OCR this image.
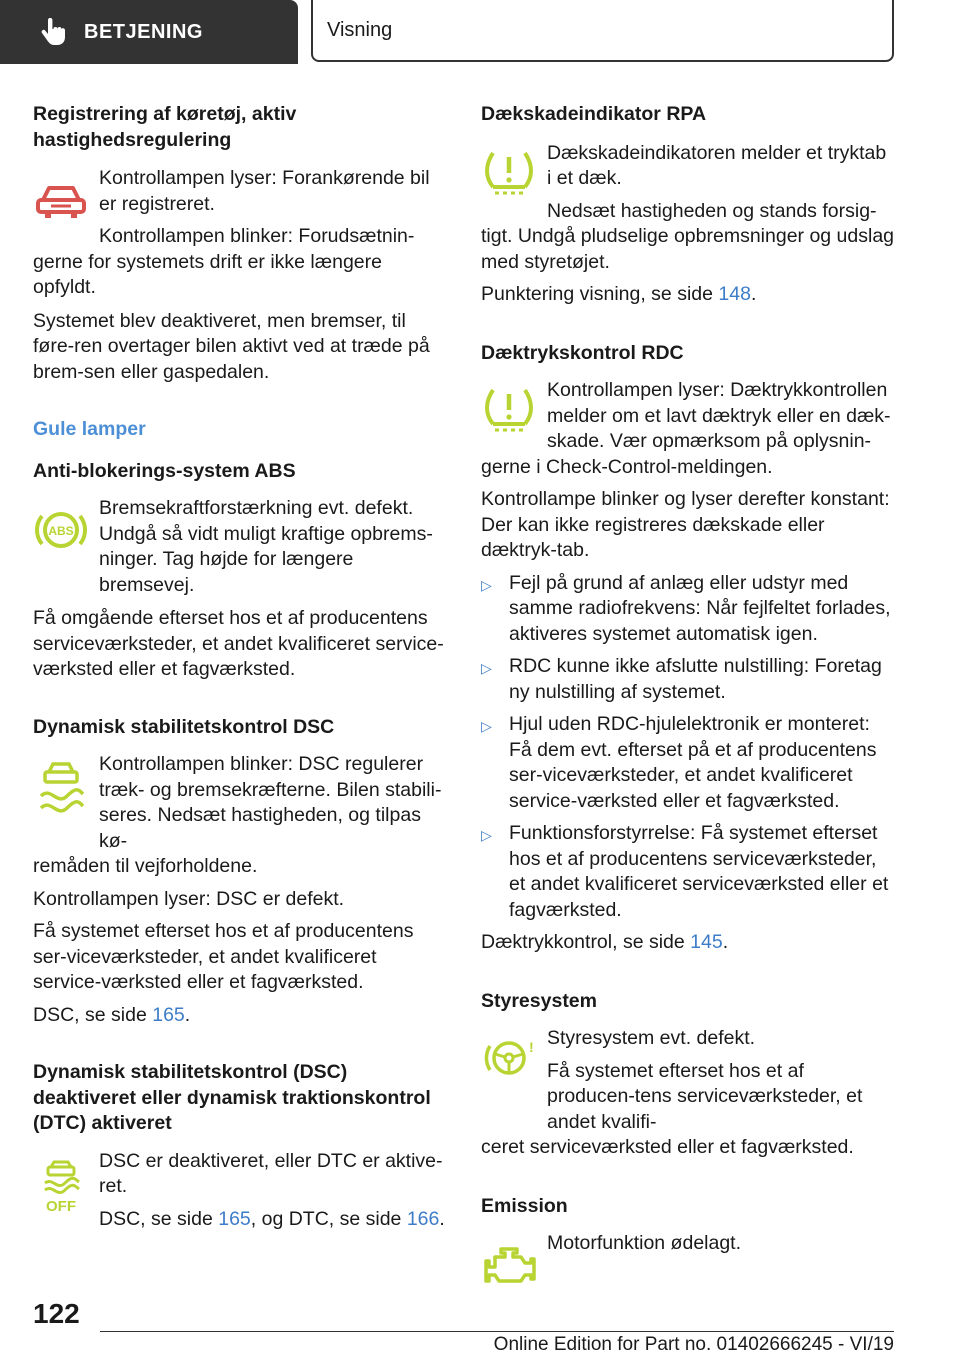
BETJENING	Visning

Registrering af køretøj, aktiv hastighedsregulering

Kontrollampen lyser: Forankørende bil er registreret.

Kontrollampen blinker: Forudsætnin-

gerne for systemets drift er ikke længere opfyldt.

Systemet blev deaktiveret, men bremser, til føre-ren overtager bilen aktivt ved at træde på brem-sen eller gaspedalen.

Gule lamper

Anti-blokerings-system ABS

ABS

Bremsekraftforstærkning evt. defekt. Undgå så vidt muligt kraftige opbrems-ninger. Tag højde for længere bremsevej.

Få omgående efterset hos et af producentens serviceværksteder, et andet kvalificeret service-værksted eller et fagværksted.

Dynamisk stabilitetskontrol DSC

Kontrollampen blinker: DSC regulerer træk- og bremsekræfterne. Bilen stabili-seres. Nedsæt hastigheden, og tilpas kø-

remåden til vejforholdene.

Kontrollampen lyser: DSC er defekt.

Få systemet efterset hos et af producentens ser-viceværksteder, et andet kvalificeret service-værksted eller et fagværksted.

DSC, se side 165.

Dynamisk stabilitetskontrol (DSC) deaktiveret eller dynamisk traktionskontrol (DTC) aktiveret

OFF

DSC er deaktiveret, eller DTC er aktive-ret.

DSC, se side 165, og DTC, se side 166.

Dækskadeindikator RPA

Dækskadeindikatoren melder et tryktab i et dæk.

Nedsæt hastigheden og stands forsig-

tigt. Undgå pludselige opbremsninger og udslag med styretøjet.

Punktering visning, se side 148.

Dæktrykskontrol RDC

Kontrollampen lyser: Dæktrykkontrollen melder om et lavt dæktryk eller en dæk-skade. Vær opmærksom på oplysnin-

gerne i Check-Control-meldingen.

Kontrollampe blinker og lyser derefter konstant: Der kan ikke registreres dækskade eller dæktryk-tab.

▷ Fejl på grund af anlæg eller udstyr med samme radiofrekvens: Når fejlfeltet forlades, aktiveres systemet automatisk igen.
▷ RDC kunne ikke afslutte nulstilling: Foretag ny nulstilling af systemet.
▷ Hjul uden RDC-hjulelektronik er monteret: Få dem evt. efterset på et af producentens ser-viceværksteder, et andet kvalificeret service-værksted eller et fagværksted.
▷ Funktionsforstyrrelse: Få systemet efterset hos et af producentens serviceværksteder, et andet kvalificeret serviceværksted eller et fagværksted.

Dæktrykkontrol, se side 145.

Styresystem

! Styresystem evt. defekt.

Få systemet efterset hos et af producen-tens serviceværksteder, et andet kvalifi-

ceret serviceværksted eller et fagværksted.

Emission

Motorfunktion ødelagt.

122
Online Edition for Part no. 01402666245 - VI/19
